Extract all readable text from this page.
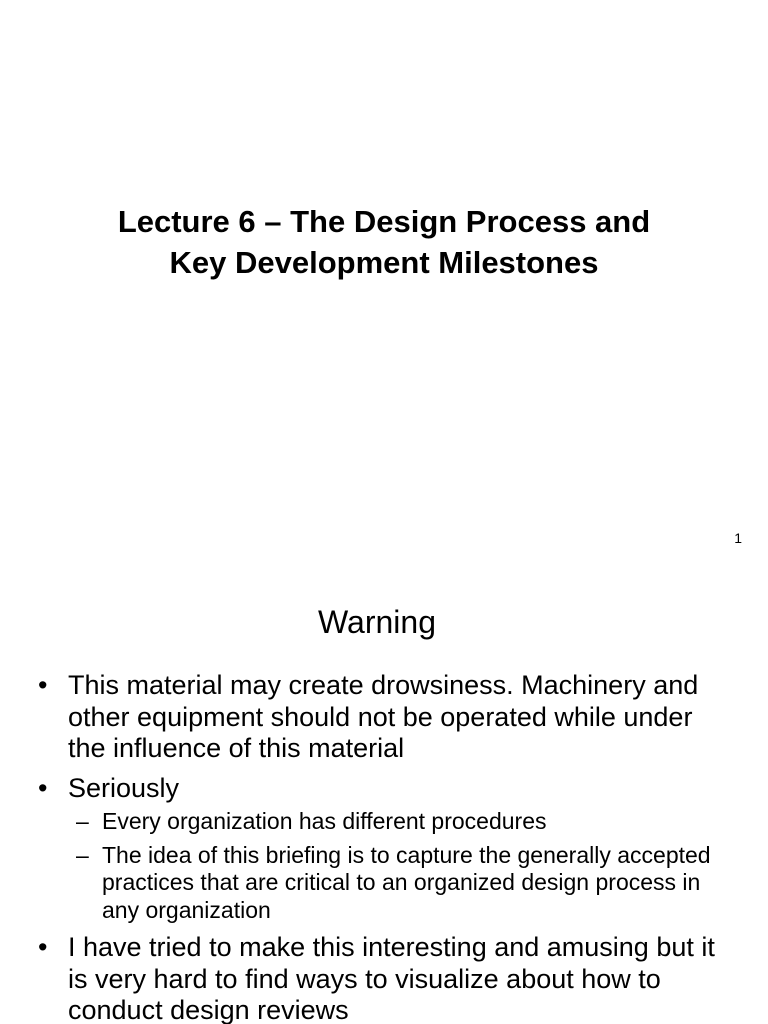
Lecture 6 – The Design Process and
Key Development Milestones
1
Warning
• This material may create drowsiness. Machinery and other equipment should not be operated while under the influence of this material
• Seriously
– Every organization has different procedures
– The idea of this briefing is to capture the generally accepted practices that are critical to an organized design process in any organization
• I have tried to make this interesting and amusing but it is very hard to find ways to visualize about how to conduct design reviews
